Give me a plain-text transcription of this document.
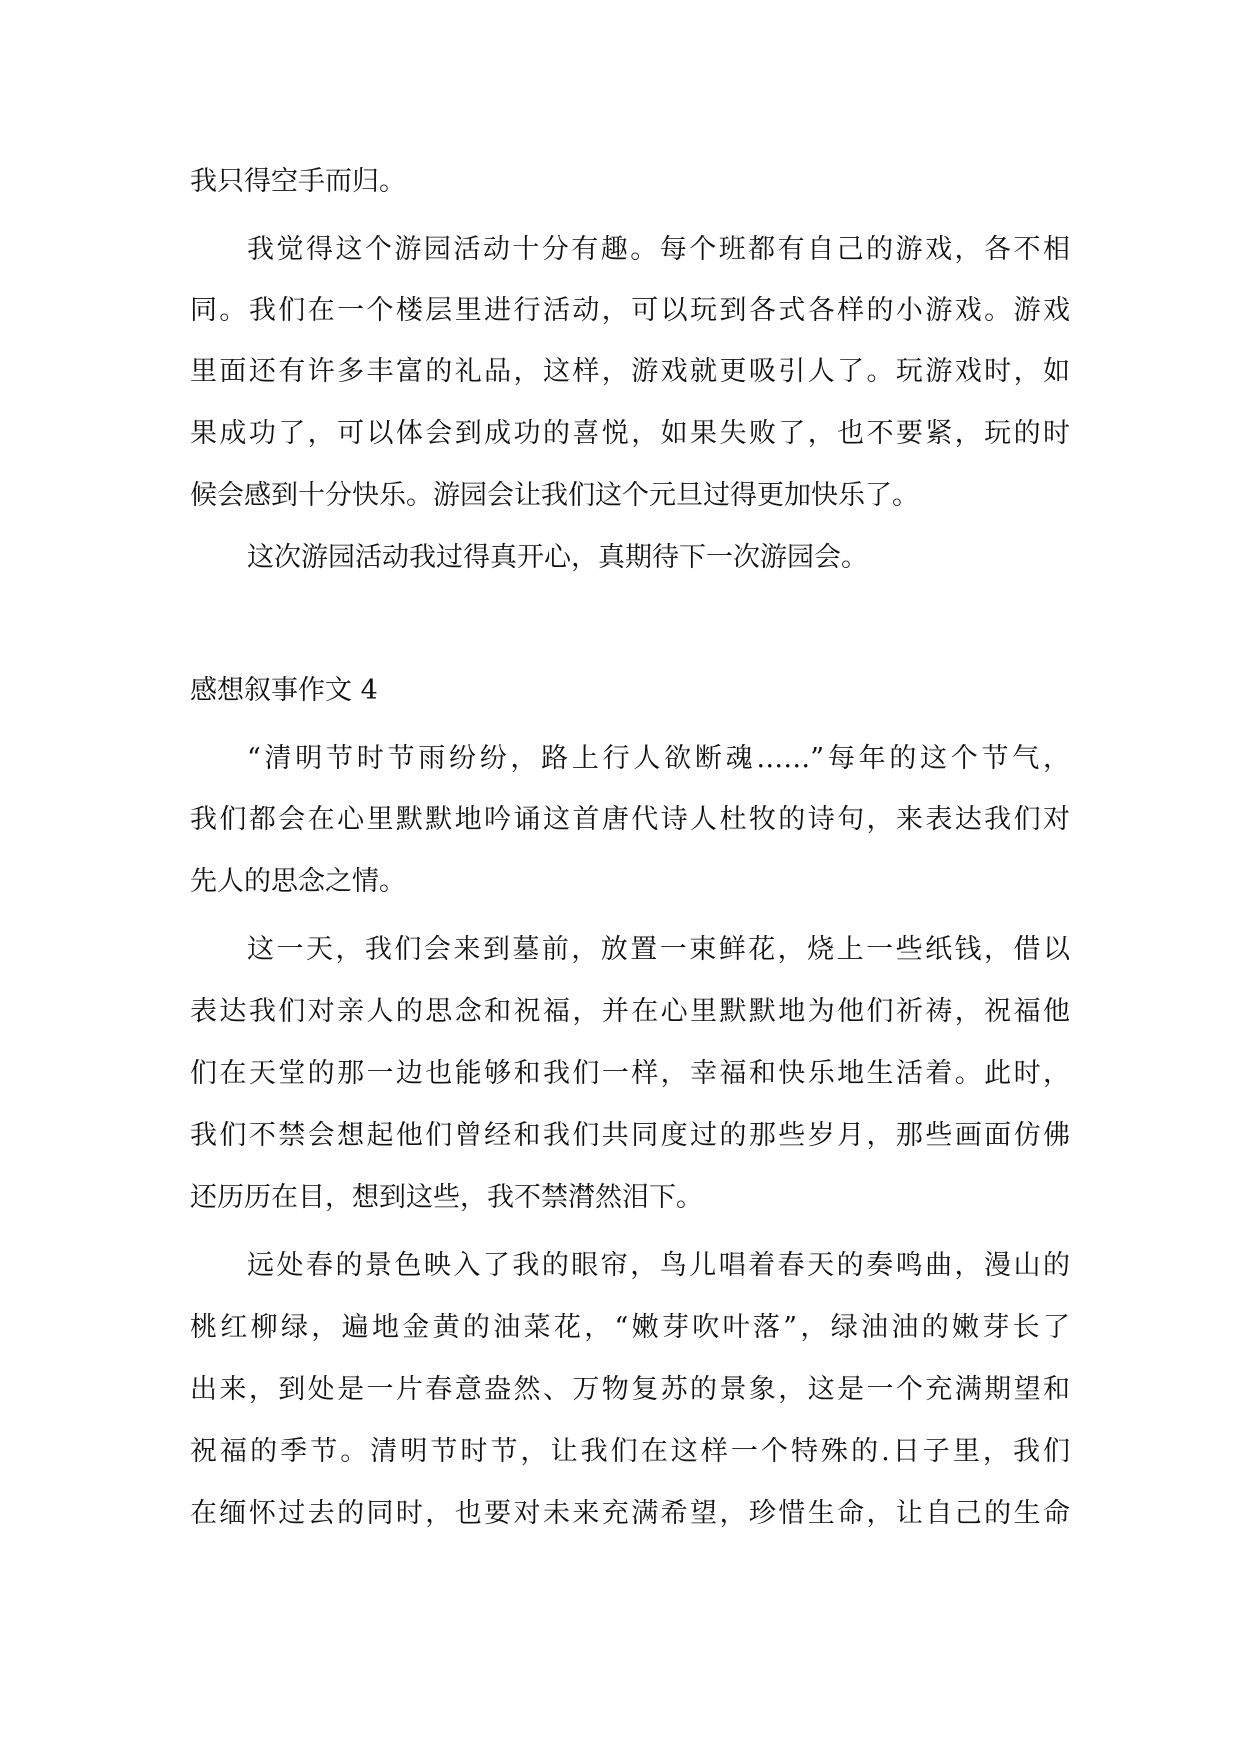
我只得空手而归。
我觉得这个游园活动十分有趣。每个班都有自己的游戏，各不相
同。我们在一个楼层里进行活动，可以玩到各式各样的小游戏。游戏
里面还有许多丰富的礼品，这样，游戏就更吸引人了。玩游戏时，如
果成功了，可以体会到成功的喜悦，如果失败了，也不要紧，玩的时
候会感到十分快乐。游园会让我们这个元旦过得更加快乐了。
这次游园活动我过得真开心，真期待下一次游园会。
感想叙事作文 4
“清明节时节雨纷纷，路上行人欲断魂……”每年的这个节气，
我们都会在心里默默地吟诵这首唐代诗人杜牧的诗句，来表达我们对
先人的思念之情。
这一天，我们会来到墓前，放置一束鲜花，烧上一些纸钱，借以
表达我们对亲人的思念和祝福，并在心里默默地为他们祈祷，祝福他
们在天堂的那一边也能够和我们一样，幸福和快乐地生活着。此时，
我们不禁会想起他们曾经和我们共同度过的那些岁月，那些画面仿佛
还历历在目，想到这些，我不禁潸然泪下。
远处春的景色映入了我的眼帘，鸟儿唱着春天的奏鸣曲，漫山的
桃红柳绿，遍地金黄的油菜花，“嫩芽吹叶落”，绿油油的嫩芽长了
出来，到处是一片春意盎然、万物复苏的景象，这是一个充满期望和
祝福的季节。清明节时节，让我们在这样一个特殊的.日子里，我们
在缅怀过去的同时，也要对未来充满希望，珍惜生命，让自己的生命
